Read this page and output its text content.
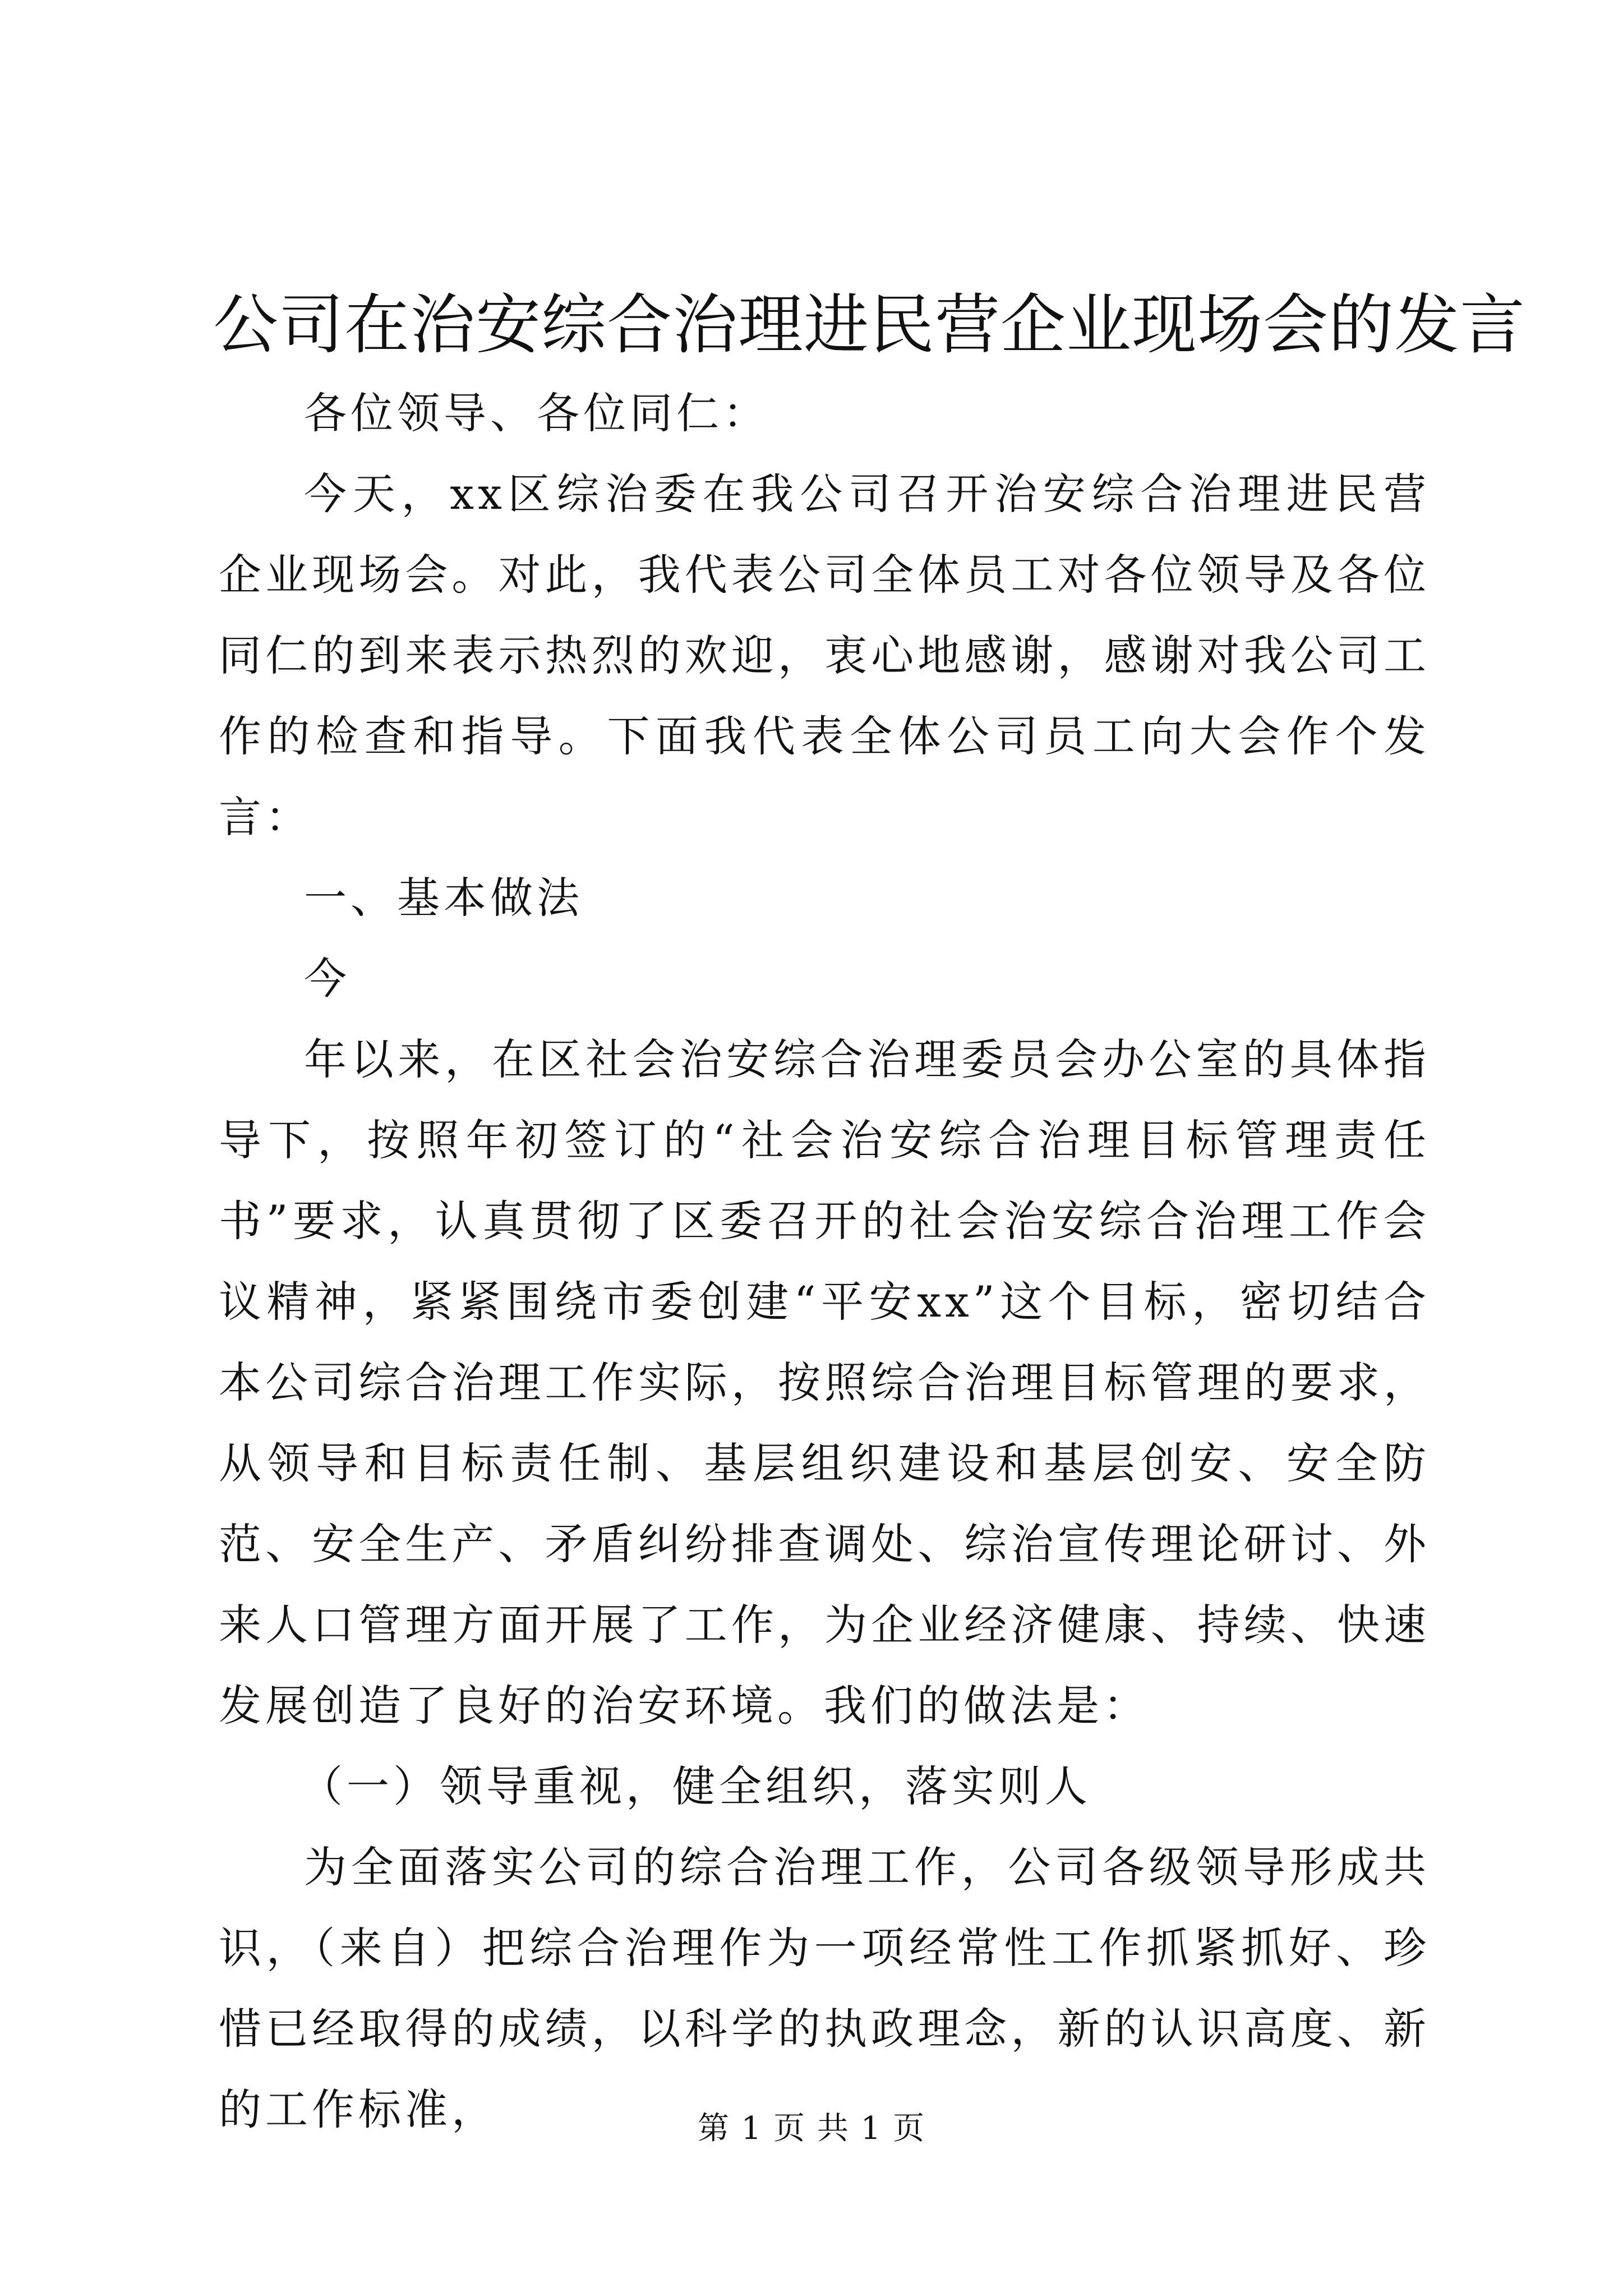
公司在治安综合治理进民营企业现场会的发言

各位领导、各位同仁：

今天，xx区综治委在我公司召开治安综合治理进民营企业现场会。对此，我代表公司全体员工对各位领导及各位同仁的到来表示热烈的欢迎，衷心地感谢，感谢对我公司工作的检查和指导。下面我代表全体公司员工向大会作个发言：

一、基本做法

今

年以来，在区社会治安综合治理委员会办公室的具体指导下，按照年初签订的“社会治安综合治理目标管理责任书”要求，认真贯彻了区委召开的社会治安综合治理工作会议精神，紧紧围绕市委创建“平安xx”这个目标，密切结合本公司综合治理工作实际，按照综合治理目标管理的要求，从领导和目标责任制、基层组织建设和基层创安、安全防范、安全生产、矛盾纠纷排查调处、综治宣传理论研讨、外来人口管理方面开展了工作，为企业经济健康、持续、快速发展创造了良好的治安环境。我们的做法是：

（一）领导重视，健全组织，落实则人

为全面落实公司的综合治理工作，公司各级领导形成共识，（来自）把综合治理作为一项经常性工作抓紧抓好、珍惜已经取得的成绩，以科学的执政理念，新的认识高度、新的工作标准，	第 1 页 共 1 页
